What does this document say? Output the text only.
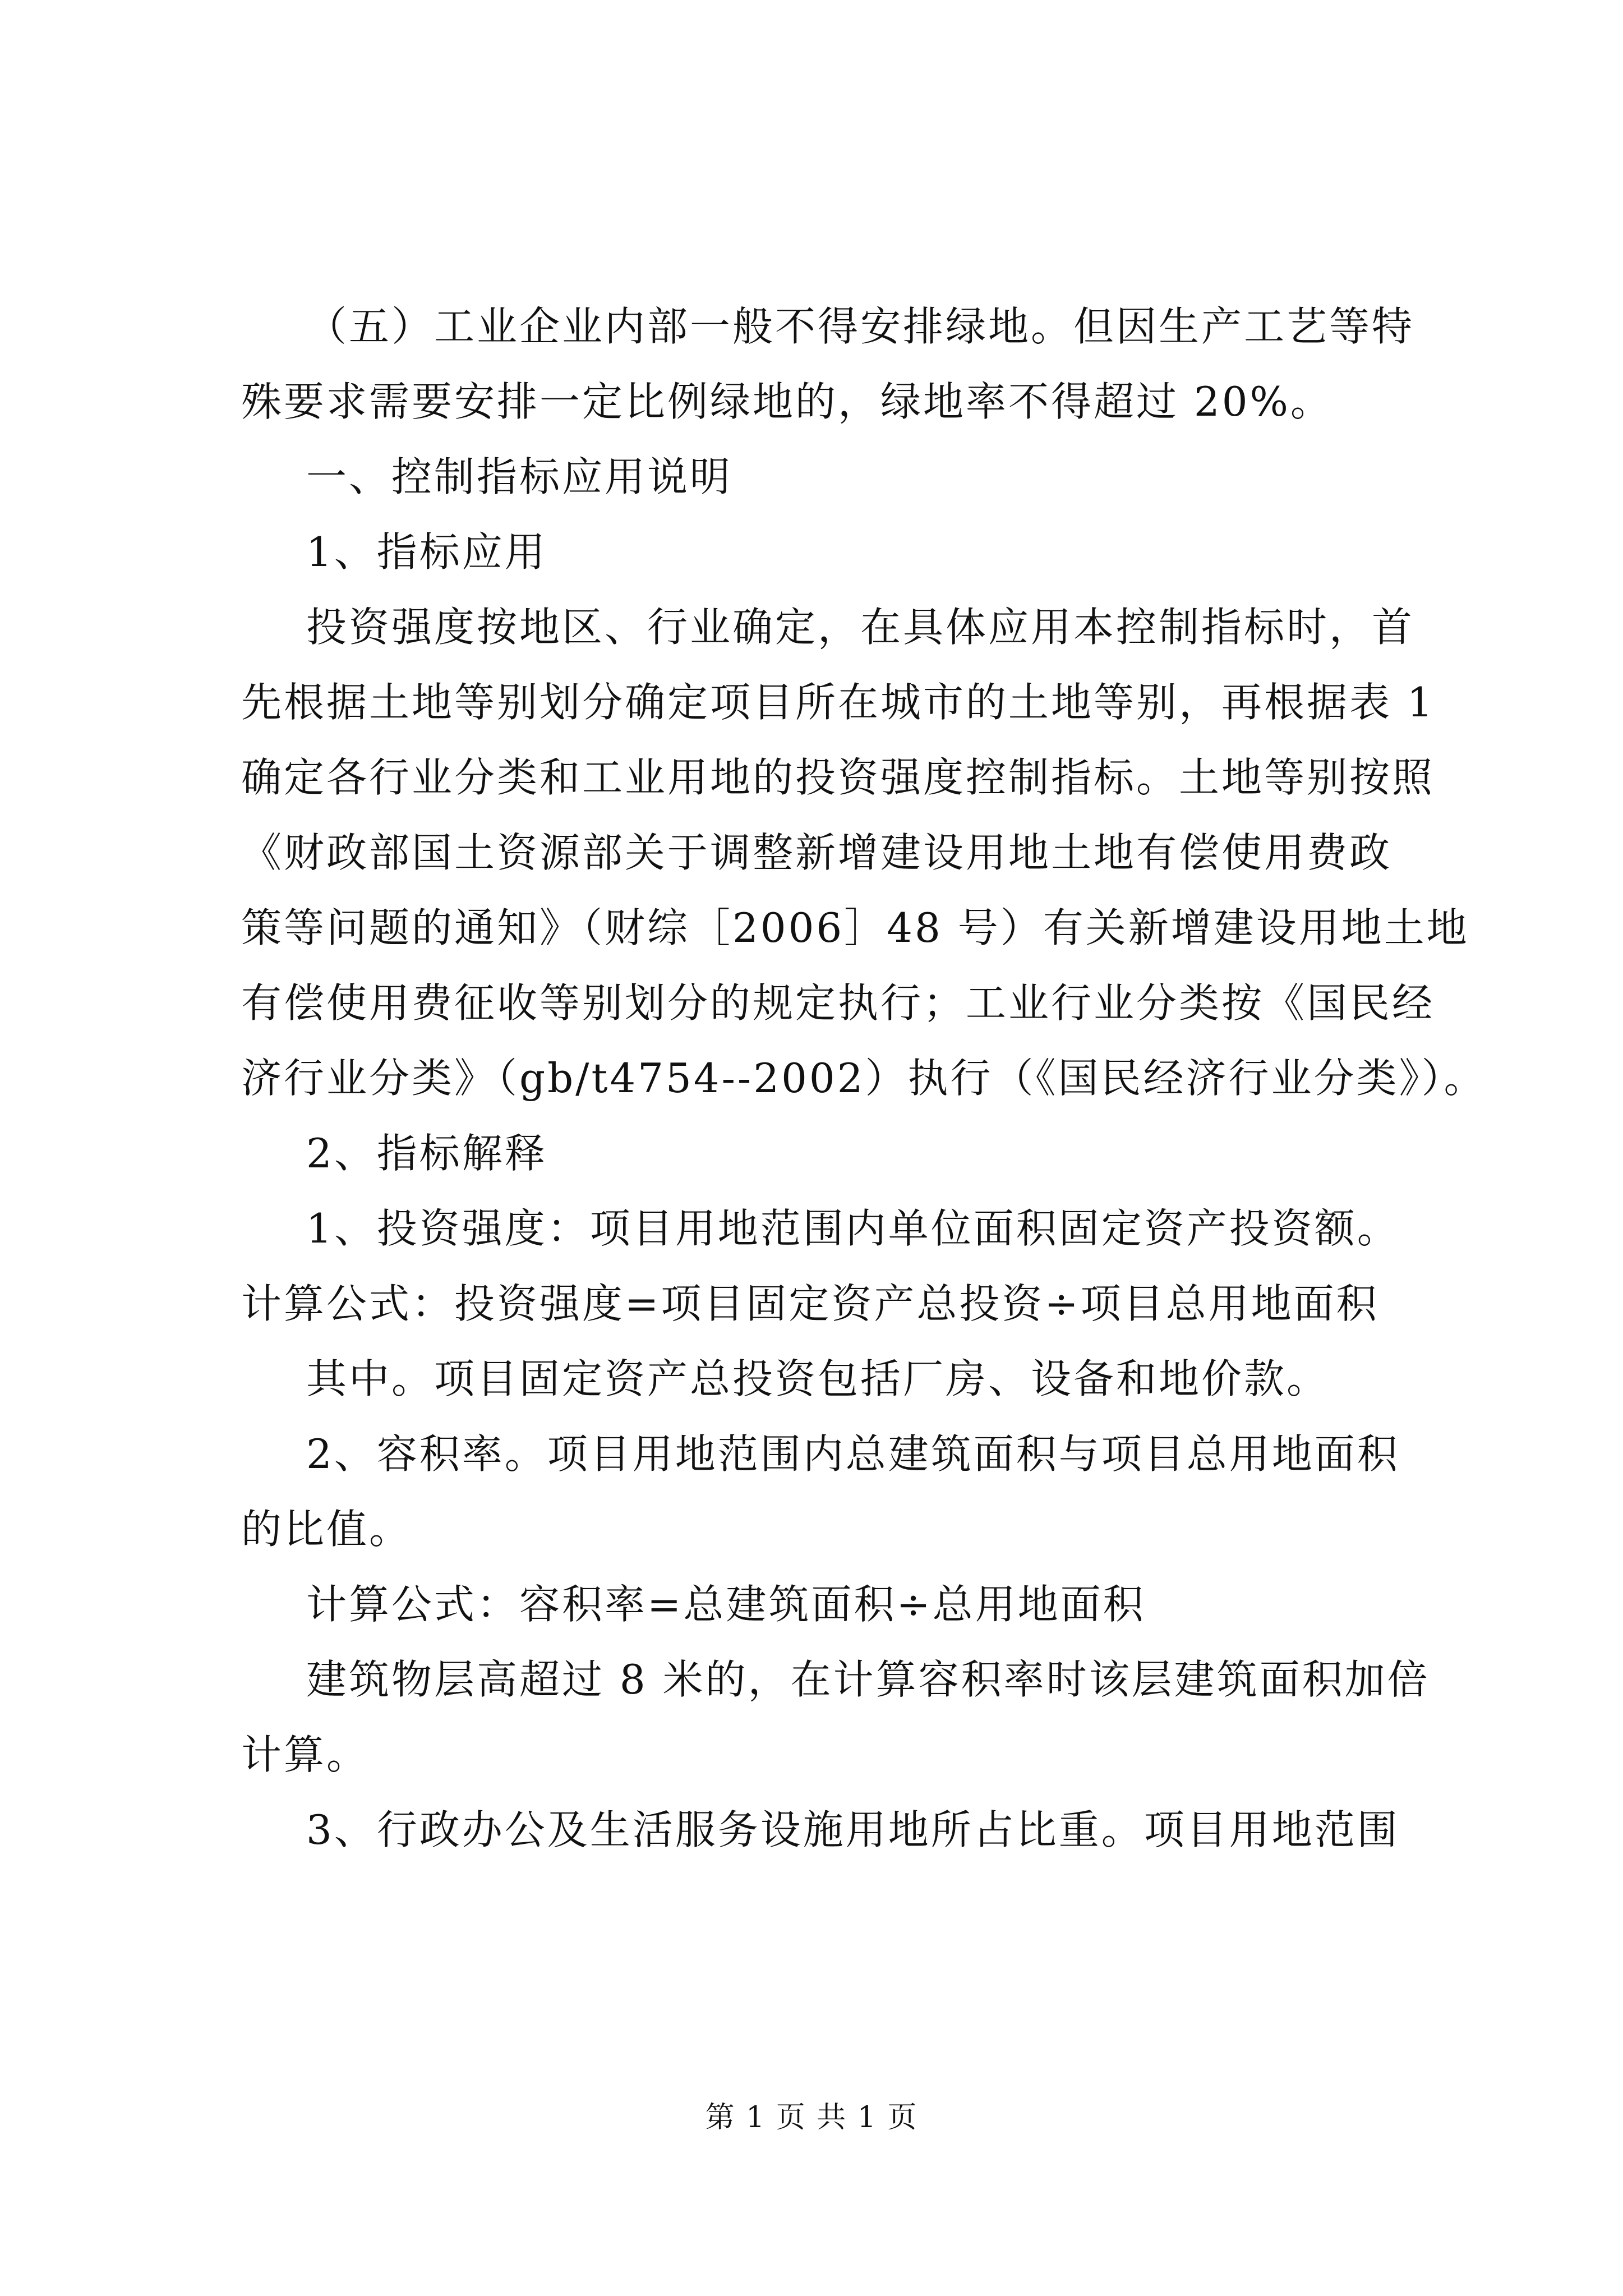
（五）工业企业内部一般不得安排绿地。但因生产工艺等特
殊要求需要安排一定比例绿地的，绿地率不得超过 20%。
一、控制指标应用说明
1、指标应用
投资强度按地区、行业确定，在具体应用本控制指标时，首
先根据土地等别划分确定项目所在城市的土地等别，再根据表 1
确定各行业分类和工业用地的投资强度控制指标。土地等别按照
《财政部国土资源部关于调整新增建设用地土地有偿使用费政
策等问题的通知》（财综［2006］48 号）有关新增建设用地土地
有偿使用费征收等别划分的规定执行；工业行业分类按《国民经
济行业分类》（gb/t4754--2002）执行（《国民经济行业分类》）。
2、指标解释
1、投资强度：项目用地范围内单位面积固定资产投资额。
计算公式：投资强度=项目固定资产总投资÷项目总用地面积
其中。项目固定资产总投资包括厂房、设备和地价款。
2、容积率。项目用地范围内总建筑面积与项目总用地面积
的比值。
计算公式：容积率=总建筑面积÷总用地面积
建筑物层高超过 8 米的，在计算容积率时该层建筑面积加倍
计算。
3、行政办公及生活服务设施用地所占比重。项目用地范围
第 1 页 共 1 页
